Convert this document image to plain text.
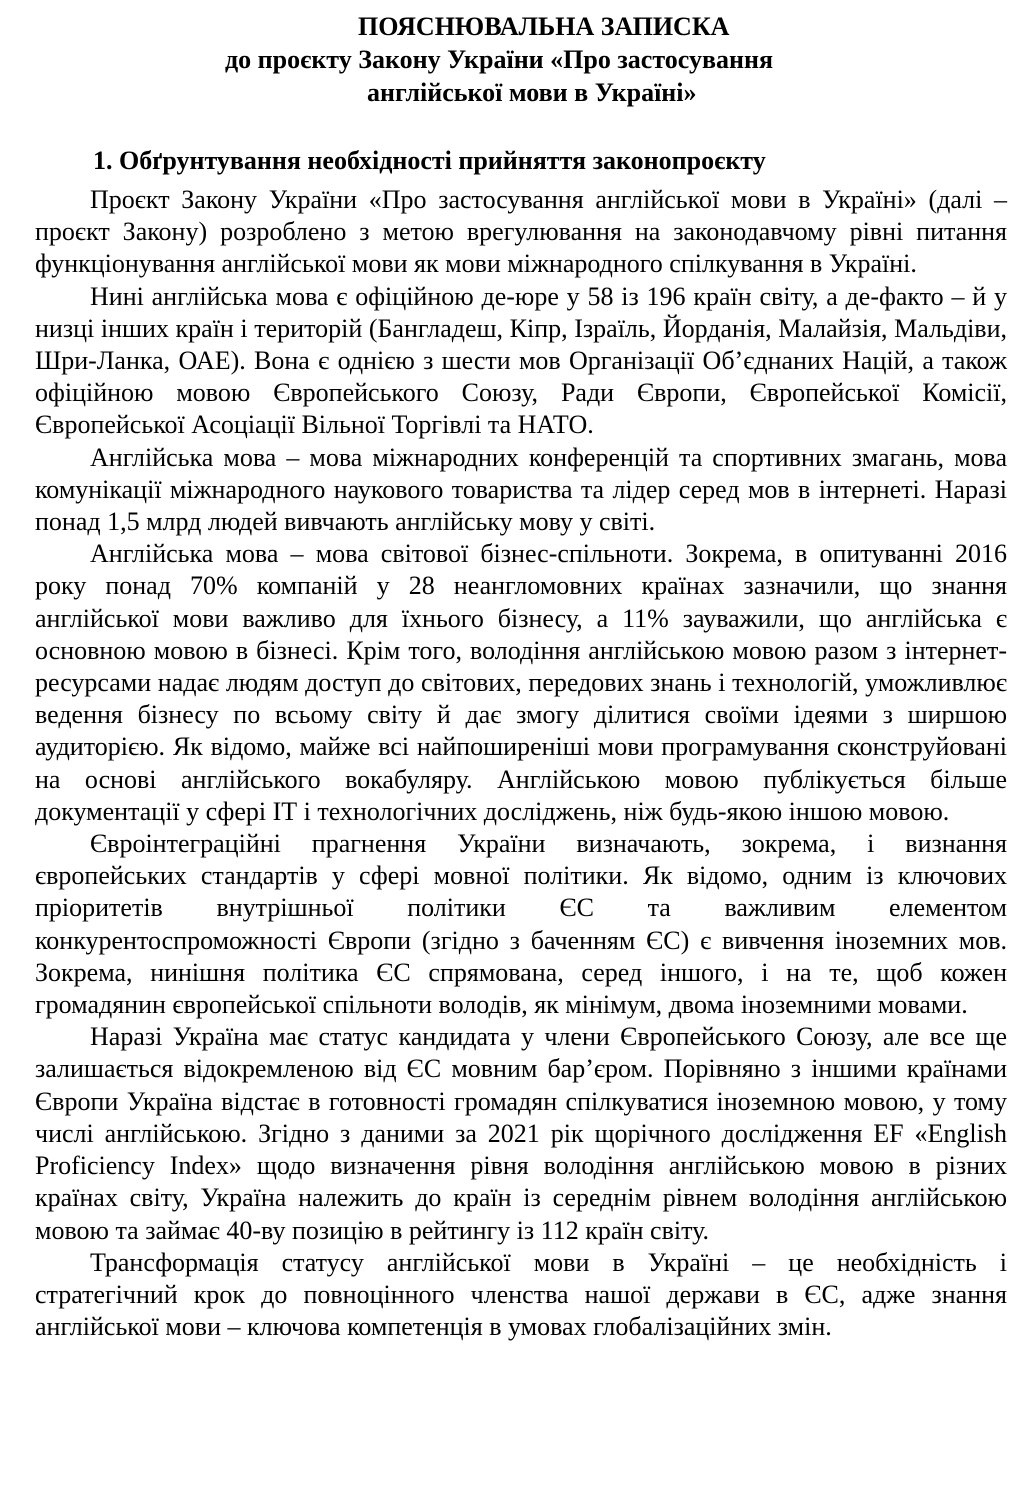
ПОЯСНЮВАЛЬНА ЗАПИСКА
до проєкту Закону України «Про застосування
англійської мови в Україні»
1. Обґрунтування необхідності прийняття законопроєкту

Проєкт Закону України «Про застосування англійської мови в Україні» (далі – проєкт Закону) розроблено з метою врегулювання на законодавчому рівні питання функціонування англійської мови як мови міжнародного спілкування в Україні.

Нині англійська мова є офіційною де-юре у 58 із 196 країн світу, а де-факто – й у низці інших країн і територій (Бангладеш, Кіпр, Ізраїль, Йорданія, Малайзія, Мальдіви, Шри-Ланка, ОАЕ). Вона є однією з шести мов Організації Об’єднаних Націй, а також офіційною мовою Європейського Союзу, Ради Європи, Європейської Комісії, Європейської Асоціації Вільної Торгівлі та НАТО.

Англійська мова – мова міжнародних конференцій та спортивних змагань, мова комунікації міжнародного наукового товариства та лідер серед мов в інтернеті. Наразі понад 1,5 млрд людей вивчають англійську мову у світі.

Англійська мова – мова світової бізнес-спільноти. Зокрема, в опитуванні 2016 року понад 70% компаній у 28 неангломовних країнах зазначили, що знання англійської мови важливо для їхнього бізнесу, а 11% зауважили, що англійська є основною мовою в бізнесі. Крім того, володіння англійською мовою разом з інтернет-ресурсами надає людям доступ до світових, передових знань і технологій, уможливлює ведення бізнесу по всьому світу й дає змогу ділитися своїми ідеями з ширшою аудиторією. Як відомо, майже всі найпоширеніші мови програмування сконструйовані на основі англійського вокабуляру. Англійською мовою публікується більше документації у сфері ІТ і технологічних досліджень, ніж будь-якою іншою мовою.

Євроінтеграційні прагнення України визначають, зокрема, і визнання європейських стандартів у сфері мовної політики. Як відомо, одним із ключових пріоритетів внутрішньої політики ЄС та важливим елементом конкурентоспроможності Європи (згідно з баченням ЄС) є вивчення іноземних мов. Зокрема, нинішня політика ЄС спрямована, серед іншого, і на те, щоб кожен громадянин європейської спільноти володів, як мінімум, двома іноземними мовами.

Наразі Україна має статус кандидата у члени Європейського Союзу, але все ще залишається відокремленою від ЄС мовним бар’єром. Порівняно з іншими країнами Європи Україна відстає в готовності громадян спілкуватися іноземною мовою, у тому числі англійською. Згідно з даними за 2021 рік щорічного дослідження EF «English Proficiency Index» щодо визначення рівня володіння англійською мовою в різних країнах світу, Україна належить до країн із середнім рівнем володіння англійською мовою та займає 40-ву позицію в рейтингу із 112 країн світу.

Трансформація статусу англійської мови в Україні – це необхідність і стратегічний крок до повноцінного членства нашої держави в ЄС, адже знання англійської мови – ключова компетенція в умовах глобалізаційних змін.
